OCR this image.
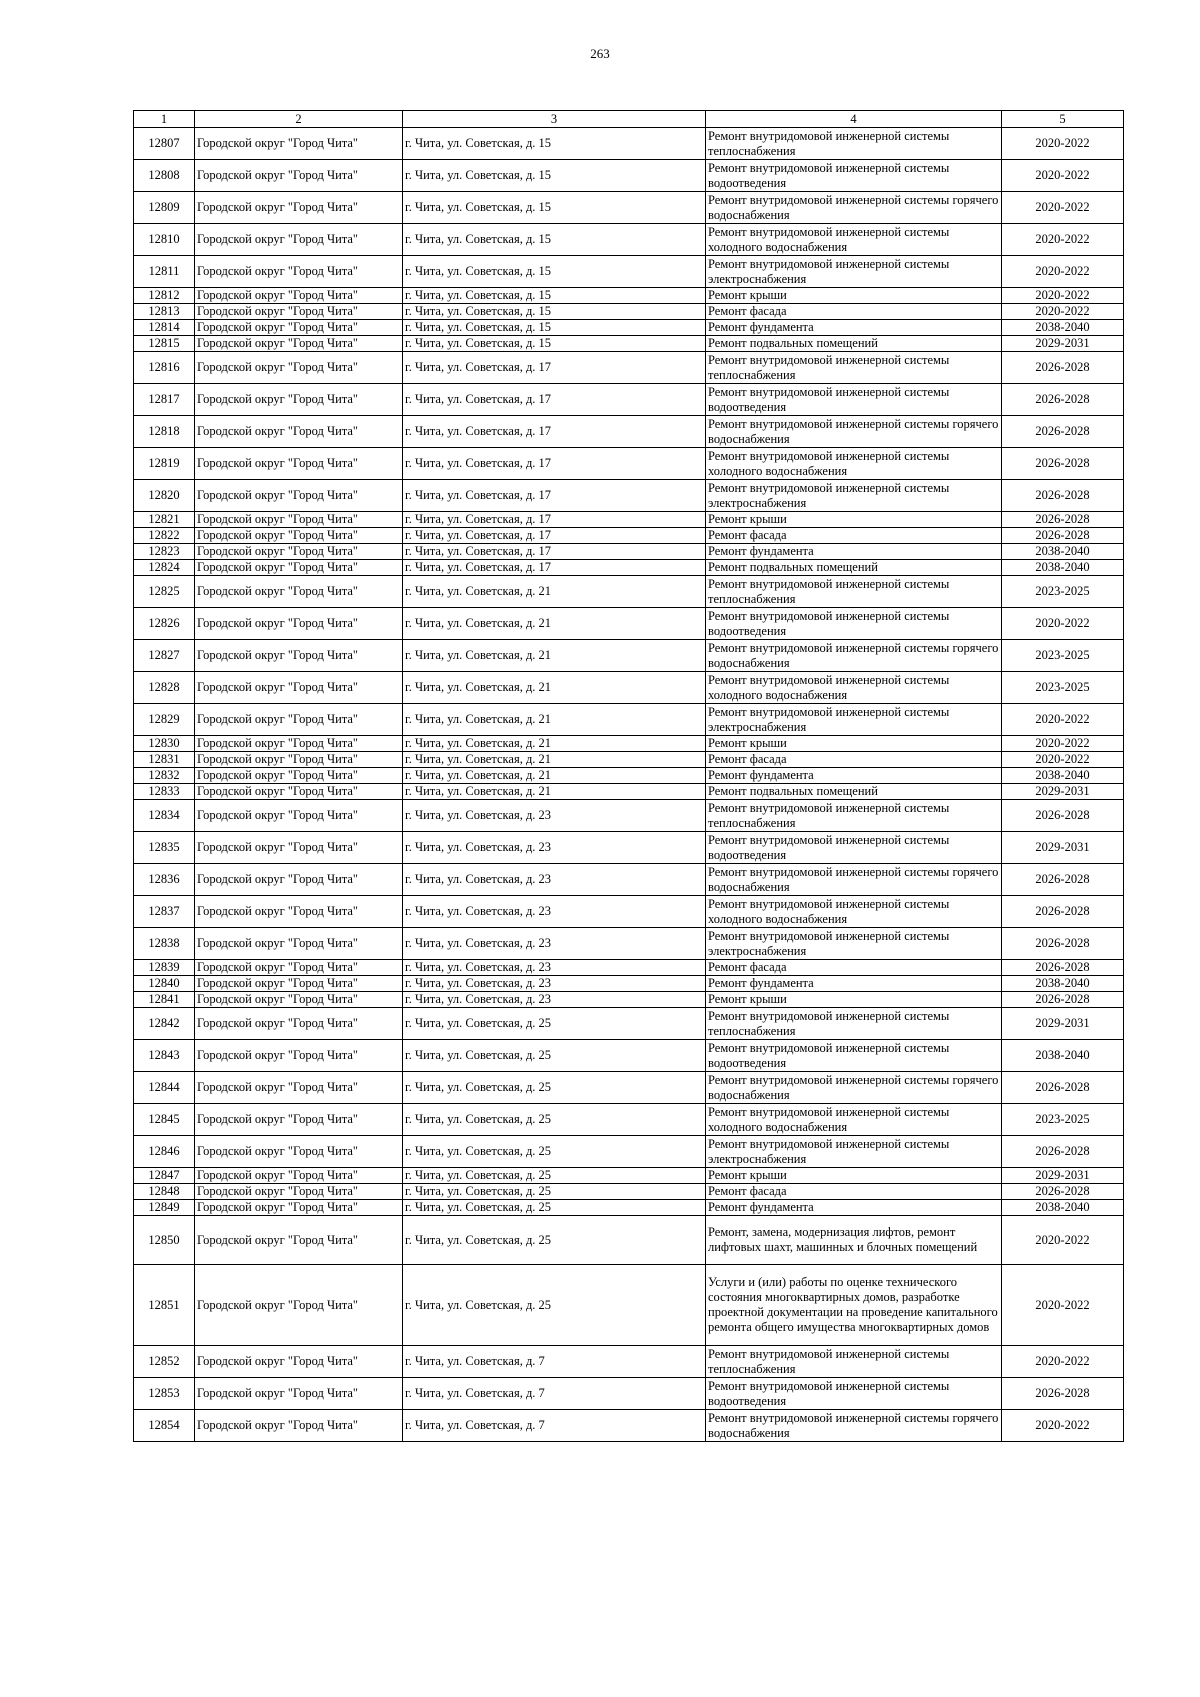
263
1	2	3	4	5
12807	Городской округ "Город Чита"	г. Чита, ул. Советская, д. 15	Ремонт внутридомовой инженерной системы теплоснабжения	2020-2022
12808	Городской округ "Город Чита"	г. Чита, ул. Советская, д. 15	Ремонт внутридомовой инженерной системы водоотведения	2020-2022
12809	Городской округ "Город Чита"	г. Чита, ул. Советская, д. 15	Ремонт внутридомовой инженерной системы горячего водоснабжения	2020-2022
12810	Городской округ "Город Чита"	г. Чита, ул. Советская, д. 15	Ремонт внутридомовой инженерной системы холодного водоснабжения	2020-2022
12811	Городской округ "Город Чита"	г. Чита, ул. Советская, д. 15	Ремонт внутридомовой инженерной системы электроснабжения	2020-2022
12812	Городской округ "Город Чита"	г. Чита, ул. Советская, д. 15	Ремонт крыши	2020-2022
12813	Городской округ "Город Чита"	г. Чита, ул. Советская, д. 15	Ремонт фасада	2020-2022
12814	Городской округ "Город Чита"	г. Чита, ул. Советская, д. 15	Ремонт фундамента	2038-2040
12815	Городской округ "Город Чита"	г. Чита, ул. Советская, д. 15	Ремонт подвальных помещений	2029-2031
12816	Городской округ "Город Чита"	г. Чита, ул. Советская, д. 17	Ремонт внутридомовой инженерной системы теплоснабжения	2026-2028
12817	Городской округ "Город Чита"	г. Чита, ул. Советская, д. 17	Ремонт внутридомовой инженерной системы водоотведения	2026-2028
12818	Городской округ "Город Чита"	г. Чита, ул. Советская, д. 17	Ремонт внутридомовой инженерной системы горячего водоснабжения	2026-2028
12819	Городской округ "Город Чита"	г. Чита, ул. Советская, д. 17	Ремонт внутридомовой инженерной системы холодного водоснабжения	2026-2028
12820	Городской округ "Город Чита"	г. Чита, ул. Советская, д. 17	Ремонт внутридомовой инженерной системы электроснабжения	2026-2028
12821	Городской округ "Город Чита"	г. Чита, ул. Советская, д. 17	Ремонт крыши	2026-2028
12822	Городской округ "Город Чита"	г. Чита, ул. Советская, д. 17	Ремонт фасада	2026-2028
12823	Городской округ "Город Чита"	г. Чита, ул. Советская, д. 17	Ремонт фундамента	2038-2040
12824	Городской округ "Город Чита"	г. Чита, ул. Советская, д. 17	Ремонт подвальных помещений	2038-2040
12825	Городской округ "Город Чита"	г. Чита, ул. Советская, д. 21	Ремонт внутридомовой инженерной системы теплоснабжения	2023-2025
12826	Городской округ "Город Чита"	г. Чита, ул. Советская, д. 21	Ремонт внутридомовой инженерной системы водоотведения	2020-2022
12827	Городской округ "Город Чита"	г. Чита, ул. Советская, д. 21	Ремонт внутридомовой инженерной системы горячего водоснабжения	2023-2025
12828	Городской округ "Город Чита"	г. Чита, ул. Советская, д. 21	Ремонт внутридомовой инженерной системы холодного водоснабжения	2023-2025
12829	Городской округ "Город Чита"	г. Чита, ул. Советская, д. 21	Ремонт внутридомовой инженерной системы электроснабжения	2020-2022
12830	Городской округ "Город Чита"	г. Чита, ул. Советская, д. 21	Ремонт крыши	2020-2022
12831	Городской округ "Город Чита"	г. Чита, ул. Советская, д. 21	Ремонт фасада	2020-2022
12832	Городской округ "Город Чита"	г. Чита, ул. Советская, д. 21	Ремонт фундамента	2038-2040
12833	Городской округ "Город Чита"	г. Чита, ул. Советская, д. 21	Ремонт подвальных помещений	2029-2031
12834	Городской округ "Город Чита"	г. Чита, ул. Советская, д. 23	Ремонт внутридомовой инженерной системы теплоснабжения	2026-2028
12835	Городской округ "Город Чита"	г. Чита, ул. Советская, д. 23	Ремонт внутридомовой инженерной системы водоотведения	2029-2031
12836	Городской округ "Город Чита"	г. Чита, ул. Советская, д. 23	Ремонт внутридомовой инженерной системы горячего водоснабжения	2026-2028
12837	Городской округ "Город Чита"	г. Чита, ул. Советская, д. 23	Ремонт внутридомовой инженерной системы холодного водоснабжения	2026-2028
12838	Городской округ "Город Чита"	г. Чита, ул. Советская, д. 23	Ремонт внутридомовой инженерной системы электроснабжения	2026-2028
12839	Городской округ "Город Чита"	г. Чита, ул. Советская, д. 23	Ремонт фасада	2026-2028
12840	Городской округ "Город Чита"	г. Чита, ул. Советская, д. 23	Ремонт фундамента	2038-2040
12841	Городской округ "Город Чита"	г. Чита, ул. Советская, д. 23	Ремонт крыши	2026-2028
12842	Городской округ "Город Чита"	г. Чита, ул. Советская, д. 25	Ремонт внутридомовой инженерной системы теплоснабжения	2029-2031
12843	Городской округ "Город Чита"	г. Чита, ул. Советская, д. 25	Ремонт внутридомовой инженерной системы водоотведения	2038-2040
12844	Городской округ "Город Чита"	г. Чита, ул. Советская, д. 25	Ремонт внутридомовой инженерной системы горячего водоснабжения	2026-2028
12845	Городской округ "Город Чита"	г. Чита, ул. Советская, д. 25	Ремонт внутридомовой инженерной системы холодного водоснабжения	2023-2025
12846	Городской округ "Город Чита"	г. Чита, ул. Советская, д. 25	Ремонт внутридомовой инженерной системы электроснабжения	2026-2028
12847	Городской округ "Город Чита"	г. Чита, ул. Советская, д. 25	Ремонт крыши	2029-2031
12848	Городской округ "Город Чита"	г. Чита, ул. Советская, д. 25	Ремонт фасада	2026-2028
12849	Городской округ "Город Чита"	г. Чита, ул. Советская, д. 25	Ремонт фундамента	2038-2040
12850	Городской округ "Город Чита"	г. Чита, ул. Советская, д. 25	Ремонт, замена, модернизация лифтов, ремонт лифтовых шахт, машинных и блочных помещений	2020-2022
12851	Городской округ "Город Чита"	г. Чита, ул. Советская, д. 25	Услуги и (или) работы по оценке технического состояния многоквартирных домов, разработке проектной документации на проведение капитального ремонта общего имущества многоквартирных домов	2020-2022
12852	Городской округ "Город Чита"	г. Чита, ул. Советская, д. 7	Ремонт внутридомовой инженерной системы теплоснабжения	2020-2022
12853	Городской округ "Город Чита"	г. Чита, ул. Советская, д. 7	Ремонт внутридомовой инженерной системы водоотведения	2026-2028
12854	Городской округ "Город Чита"	г. Чита, ул. Советская, д. 7	Ремонт внутридомовой инженерной системы горячего водоснабжения	2020-2022
